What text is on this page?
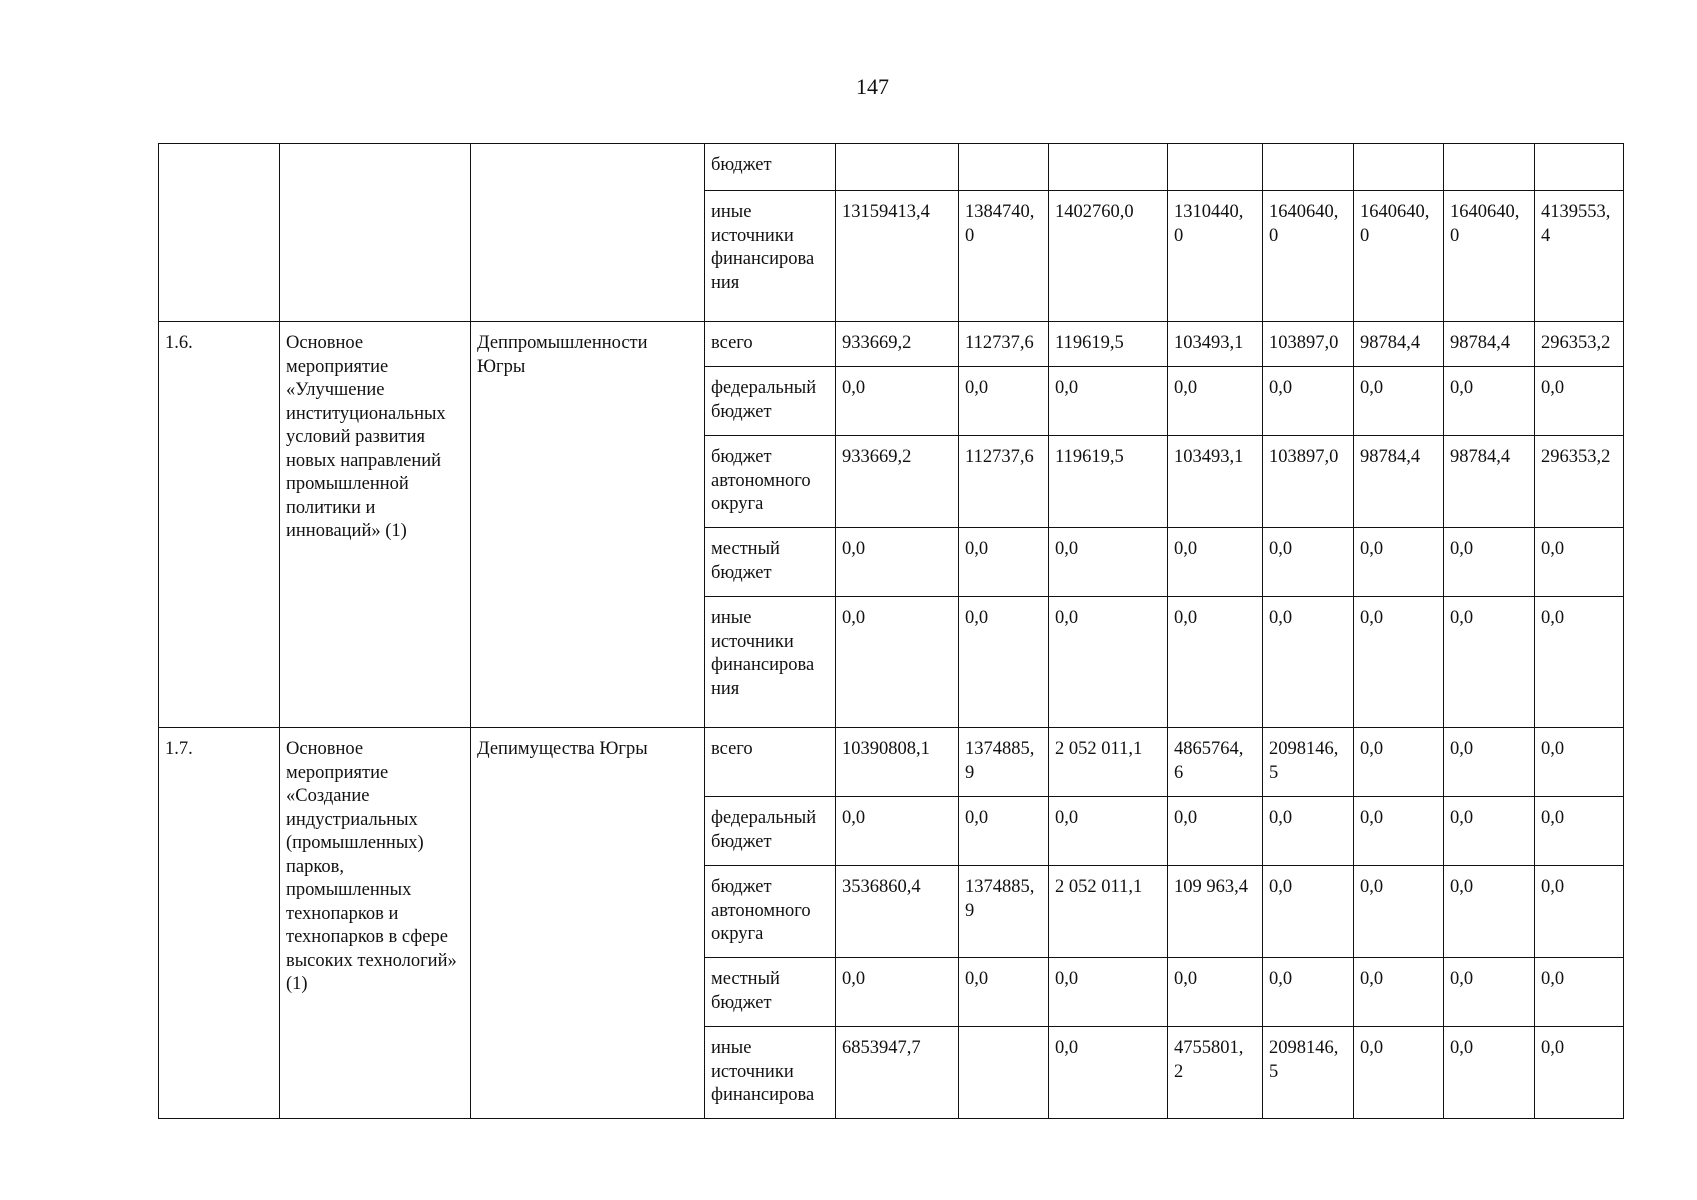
147
			бюджет								
			иные источники финансирова ния	13159413,4	1384740, 0	1402760,0	1310440, 0	1640640, 0	1640640, 0	1640640, 0	4139553, 4
1.6.	Основное мероприятие «Улучшение институциональных условий развития новых направлений промышленной политики и инноваций» (1)	Деппромышленности Югры	всего	933669,2	112737,6	119619,5	103493,1	103897,0	98784,4	98784,4	296353,2
			федеральный бюджет	0,0	0,0	0,0	0,0	0,0	0,0	0,0	0,0
			бюджет автономного округа	933669,2	112737,6	119619,5	103493,1	103897,0	98784,4	98784,4	296353,2
			местный бюджет	0,0	0,0	0,0	0,0	0,0	0,0	0,0	0,0
			иные источники финансирова ния	0,0	0,0	0,0	0,0	0,0	0,0	0,0	0,0
1.7.	Основное мероприятие «Создание индустриальных (промышленных) парков, промышленных технопарков и технопарков в сфере высоких технологий» (1)	Депимущества Югры	всего	10390808,1	1374885, 9	2 052 011,1	4865764, 6	2098146, 5	0,0	0,0	0,0
			федеральный бюджет	0,0	0,0	0,0	0,0	0,0	0,0	0,0	0,0
			бюджет автономного округа	3536860,4	1374885, 9	2 052 011,1	109 963,4	0,0	0,0	0,0	0,0
			местный бюджет	0,0	0,0	0,0	0,0	0,0	0,0	0,0	0,0
			иные источники финансирова	6853947,7		0,0	4755801, 2	2098146, 5	0,0	0,0	0,0
